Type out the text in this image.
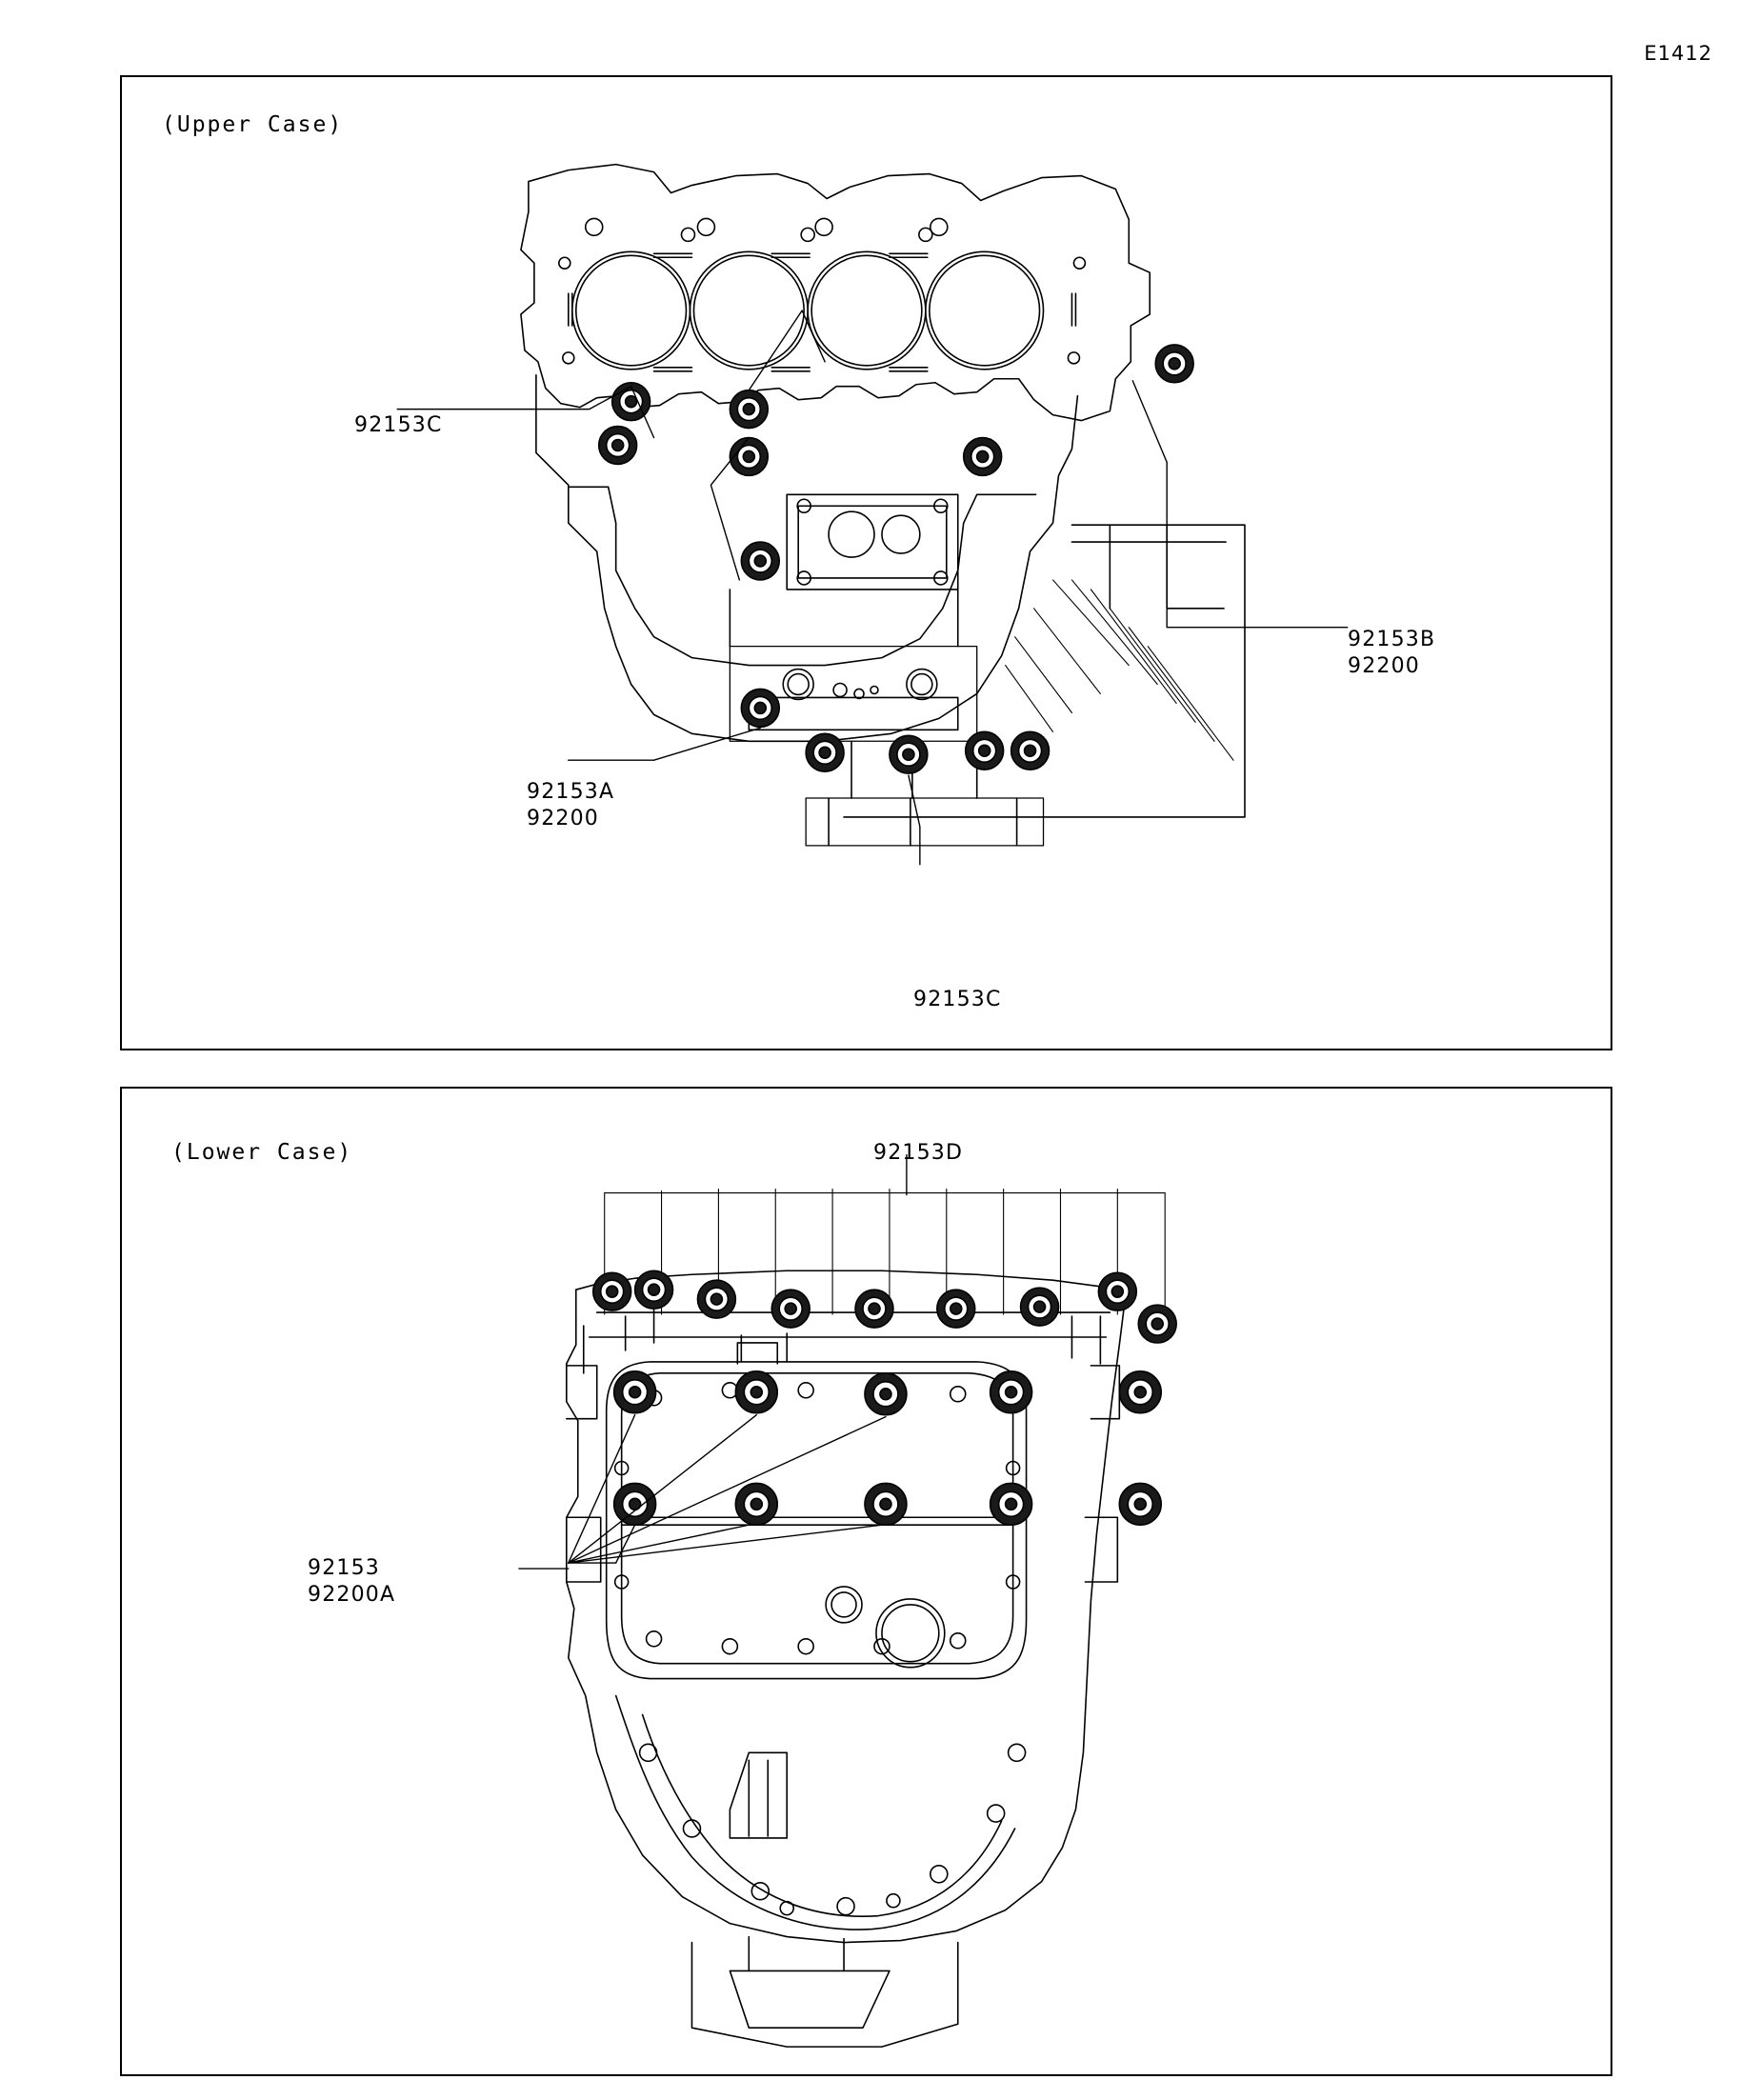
E1412
(Upper Case)
92153C
92153B
92200
92153A
92200
92153C
(Lower Case)	92153D
92153
92200A
